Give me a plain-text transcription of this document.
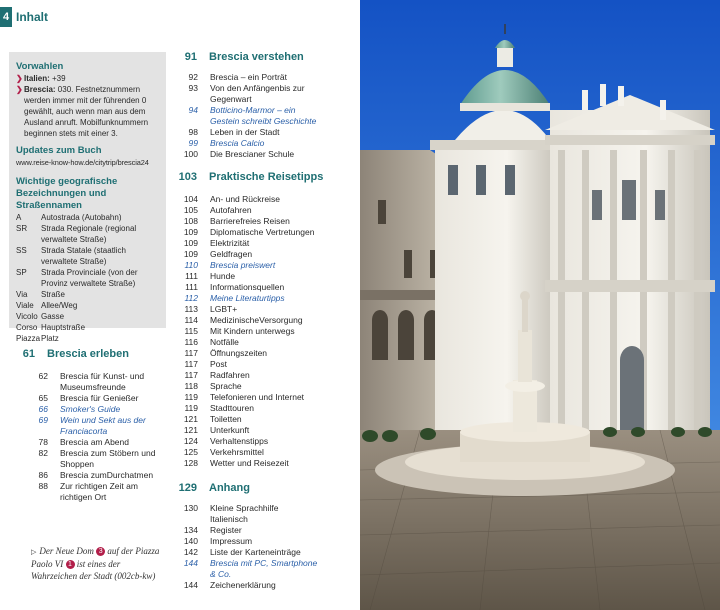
4 Inhalt
Vorwahlen
❯ Italien: +39
❯ Brescia: 030. Festnetznummern werden immer mit der führenden 0 gewählt, auch wenn man aus dem Ausland anruft. Mobilfunknummern beginnen stets mit einer 3.
Updates zum Buch
www.reise-know-how.de/citytrip/brescia24
Wichtige geografische Bezeichnungen und Straßennamen
A	Autostrada (Autobahn)
SR	Strada Regionale (regional verwaltete Straße)
SS	Strada Statale (staatlich verwaltete Straße)
SP	Strada Provinciale (von der Provinz verwaltete Straße)
Via	Straße
Viale Allee/Weg
Vicolo Gasse
Corso Hauptstraße
Piazza Platz
61 Brescia erleben
62 Brescia für Kunst- und Museumsfreunde
65 Brescia für Genießer
66 Smoker's Guide
69 Wein und Sekt aus der Franciacorta
78 Brescia am Abend
82 Brescia zum Stöbern und Shoppen
86 Brescia zumDurchatmen
88 Zur richtigen Zeit am richtigen Ort
▷ Der Neue Dom 3 auf der Piazza Paolo VI 1 ist eines der Wahrzeichen der Stadt (002cb-kw)
91 Brescia verstehen
92 Brescia – ein Porträt
93 Von den Anfängenbis zur Gegenwart
94 Botticino-Marmor – ein Gestein schreibt Geschichte
98 Leben in der Stadt
99 Brescia Calcio
100 Die Brescianer Schule
103 Praktische Reisetipps
104 An- und Rückreise
105 Autofahren
108 Barrierefreies Reisen
109 Diplomatische Vertretungen
109 Elektrizität
109 Geldfragen
110 Brescia preiswert
111 Hunde
111 Informationsquellen
112 Meine Literaturtipps
113 LGBT+
114 MedizinischeVersorgung
115 Mit Kindern unterwegs
116 Notfälle
117 Öffnungszeiten
117 Post
117 Radfahren
118 Sprache
119 Telefonieren und Internet
119 Stadttouren
121 Toiletten
121 Unterkunft
124 Verhaltenstipps
125 Verkehrsmittel
128 Wetter und Reisezeit
129 Anhang
130 Kleine Sprachhilfe Italienisch
134 Register
140 Impressum
142 Liste der Karteneinträge
144 Brescia mit PC, Smartphone & Co.
144 Zeichenerklärung
